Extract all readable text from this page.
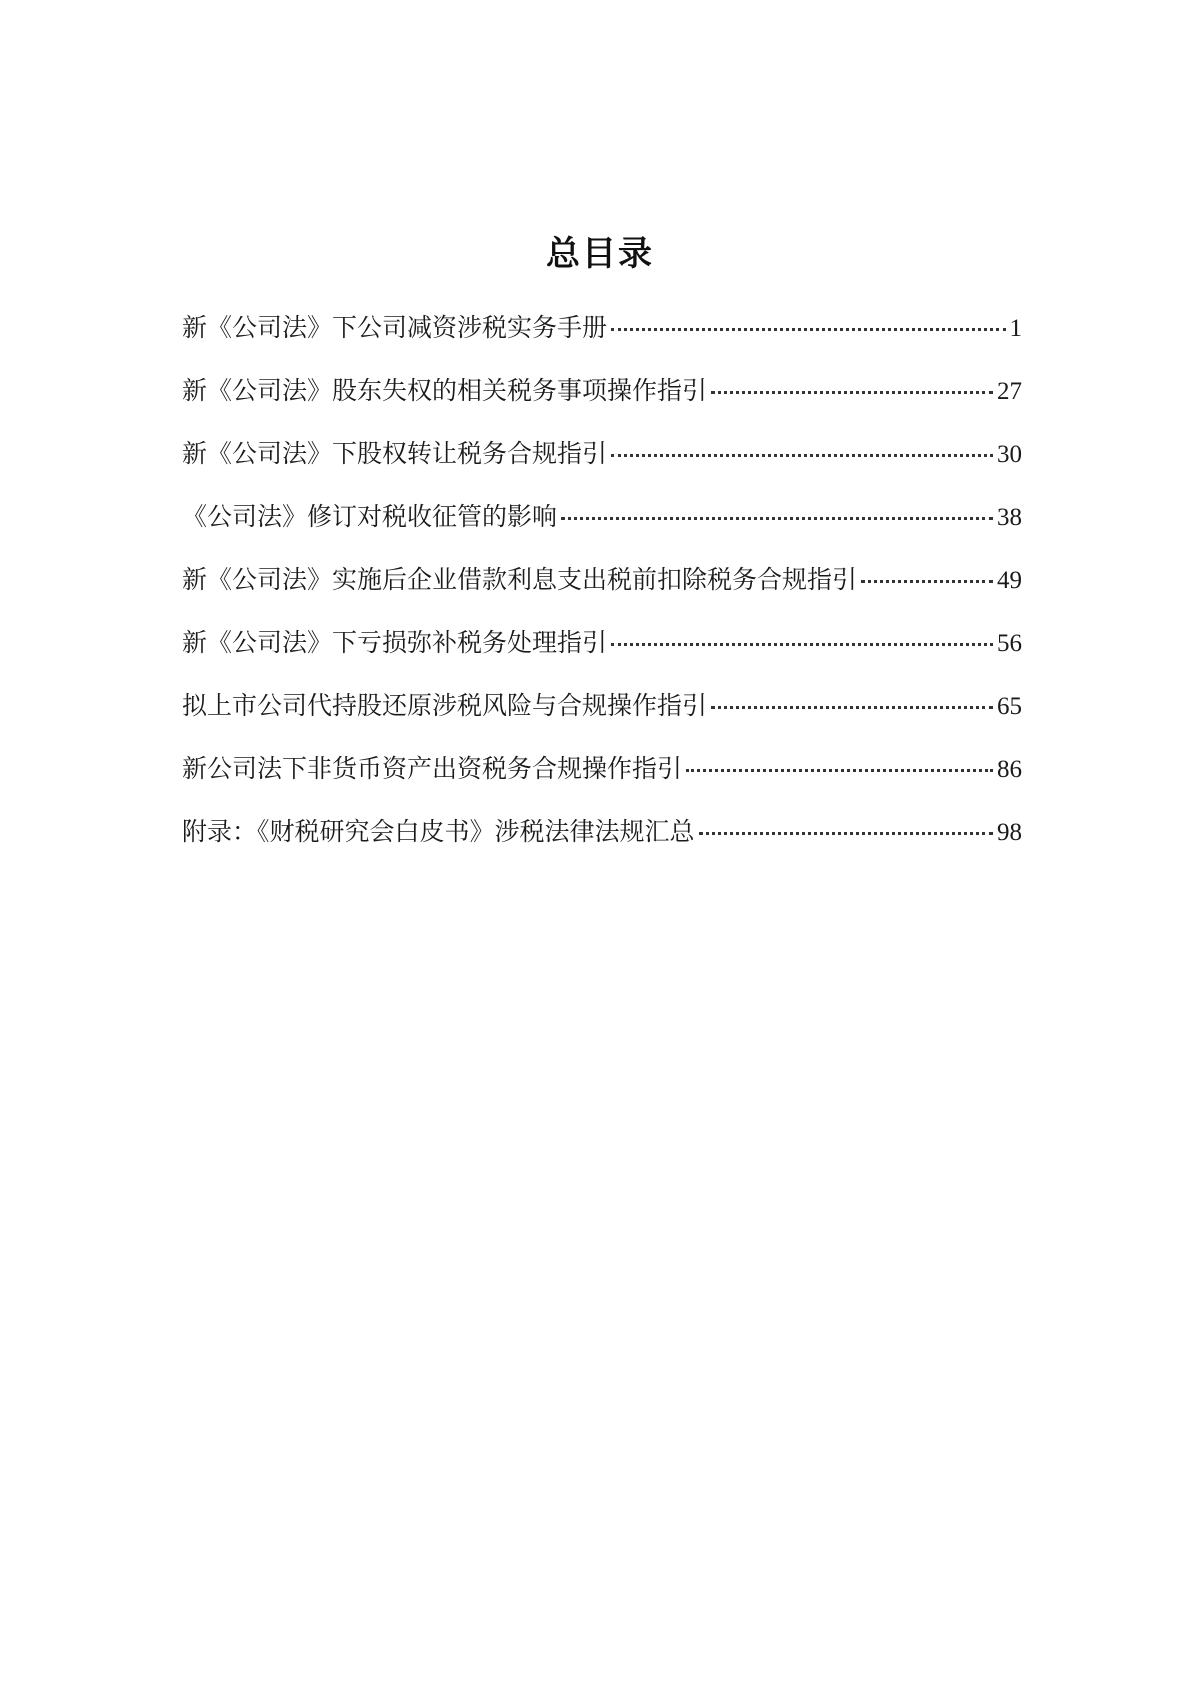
总目录
新《公司法》下公司减资涉税实务手册	1
新《公司法》股东失权的相关税务事项操作指引	27
新《公司法》下股权转让税务合规指引	30
《公司法》修订对税收征管的影响	38
新《公司法》实施后企业借款利息支出税前扣除税务合规指引	49
新《公司法》下亏损弥补税务处理指引	56
拟上市公司代持股还原涉税风险与合规操作指引	65
新公司法下非货币资产出资税务合规操作指引	86
附录：《财税研究会白皮书》涉税法律法规汇总	98
